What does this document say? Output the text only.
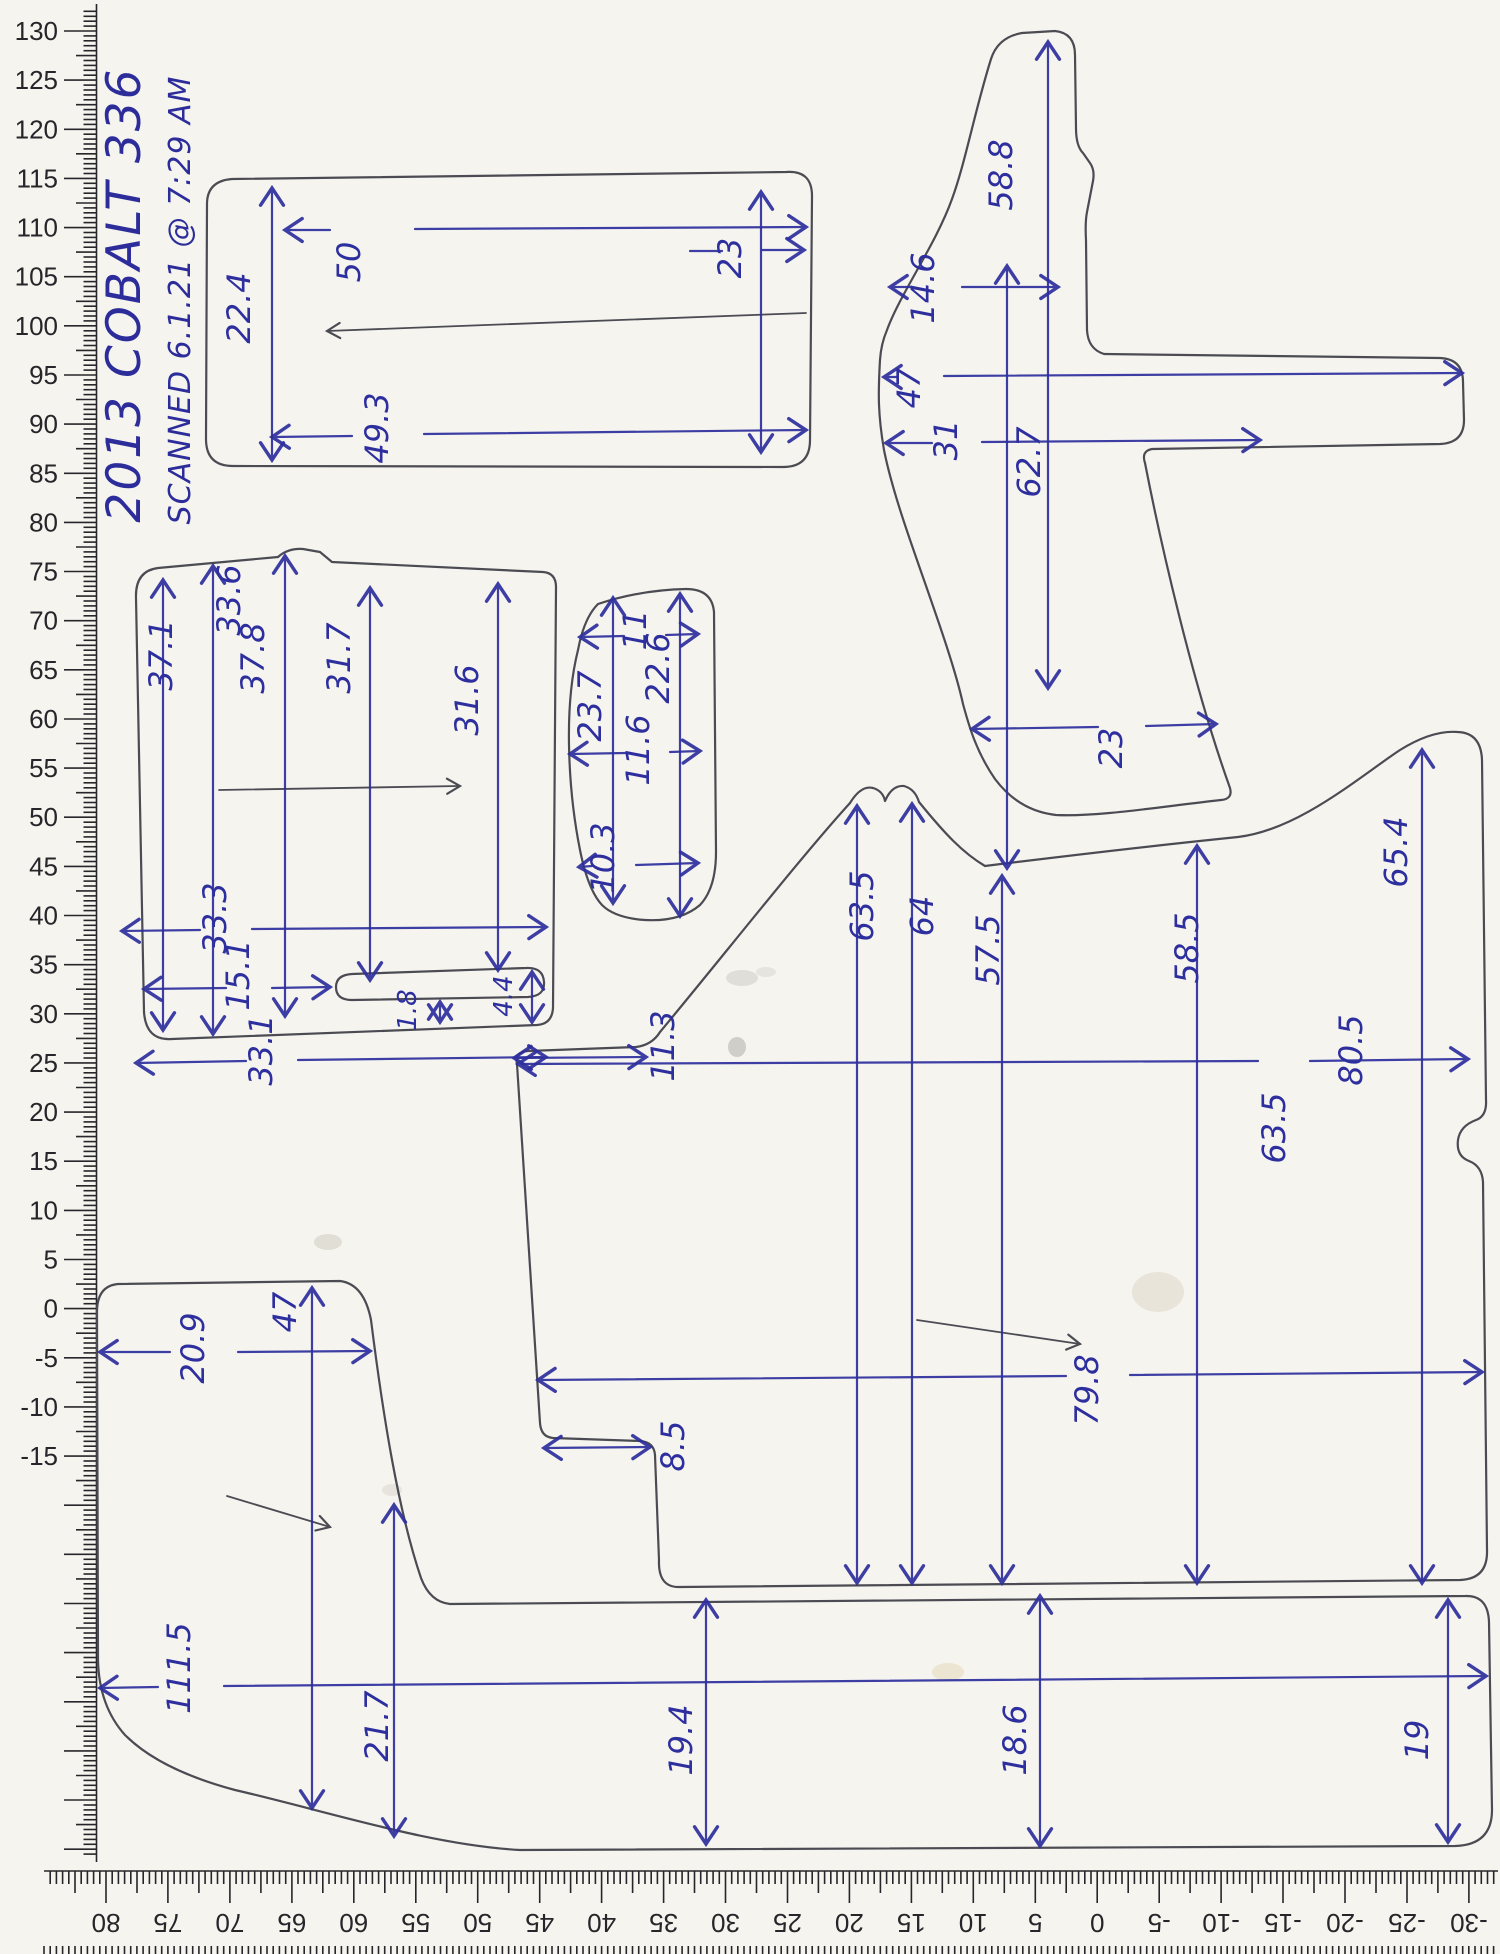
130
125
120
115
110
105
100
95
90
85
80
75
70
65
60
55
50
45
40
35
30
25
20
15
10
5
0
-5
-10
-15
80 75 70 65 60 55 50 45 40 35 30 25 20 15 10 5 0 -5 -10 -15 -20 -25 -30
2013 COBALT 336 SCANNED 6.1.21 @ 7:29 AM 22.4
50	23
49.3
58.8
14.6
47
31 62.7
23
37.1
33.6
37.8 31.7
31.6
33.3
15.1
33.1
1.8	4.4
11
23.7
22.6
11.6
10.3
63.5 64 57.5	58.5
65.4
80.5
11.3
63.5
79.8
8.5
20.9
47
111.5
21.7	19.4	18.6	19
